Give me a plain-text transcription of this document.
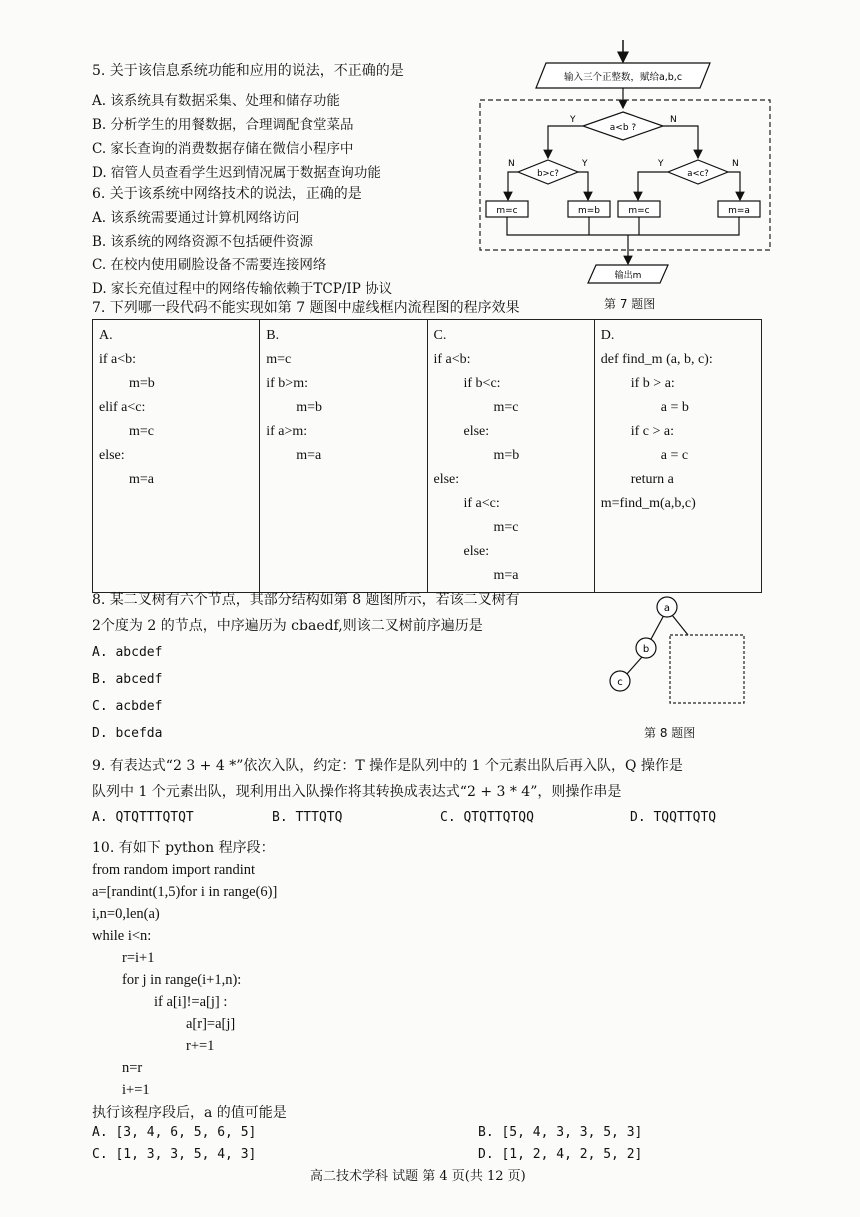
5. 关于该信息系统功能和应用的说法，不正确的是
A. 该系统具有数据采集、处理和储存功能
B. 分析学生的用餐数据，合理调配食堂菜品
C. 家长查询的消费数据存储在微信小程序中
D. 宿管人员查看学生迟到情况属于数据查询功能
6. 关于该系统中网络技术的说法，正确的是
A. 该系统需要通过计算机网络访问
B. 该系统的网络资源不包括硬件资源
C. 在校内使用刷脸设备不需要连接网络
D. 家长充值过程中的网络传输依赖于TCP/IP 协议
输入三个正整数，赋给a,b,c
a<b ?
Y	N
b>c?
N	Y
a<c?
Y	N
m=c	m=b	m=c	m=a
输出m
第 7 题图
7. 下列哪一段代码不能实现如第 7 题图中虚线框内流程图的程序效果
A.
if a<b:
m=b
elif a<c:
m=c
else:
m=a

B.
m=c
if b>m:
m=b
if a>m:
m=a

C.
if a<b:
if b<c:
m=c
else:
m=b
else:
if a<c:
m=c
else:
m=a

D.
def find_m (a, b, c):
if b > a:
a = b
if c > a:
a = c
return a
m=find_m(a,b,c)
8. 某二叉树有六个节点，其部分结构如第 8 题图所示，若该二叉树有
2个度为 2 的节点，中序遍历为 cbaedf,则该二叉树前序遍历是
A. abcdef
B. abcedf
C. acbdef
D. bcefda
a
b
c
第 8 题图
9. 有表达式“2 3 + 4 *”依次入队，约定：T 操作是队列中的 1 个元素出队后再入队，Q 操作是
队列中 1 个元素出队，现利用出入队操作将其转换成表达式“2 + 3 * 4”，则操作串是
A. QTQTTTQTQT	B. TTTQTQ	C. QTQTTQTQQ	D. TQQTTQTQ
10. 有如下 python 程序段：
from random import randint
a=[randint(1,5)for i in range(6)]
i,n=0,len(a)
while i<n:
r=i+1
for j in range(i+1,n):
if a[i]!=a[j] :
a[r]=a[j]
r+=1
n=r
i+=1
执行该程序段后，a 的值可能是
A. [3, 4, 6, 5, 6, 5]	B. [5, 4, 3, 3, 5, 3]
C. [1, 3, 3, 5, 4, 3]	D. [1, 2, 4, 2, 5, 2]
高二技术学科 试题 第 4 页(共 12 页)
